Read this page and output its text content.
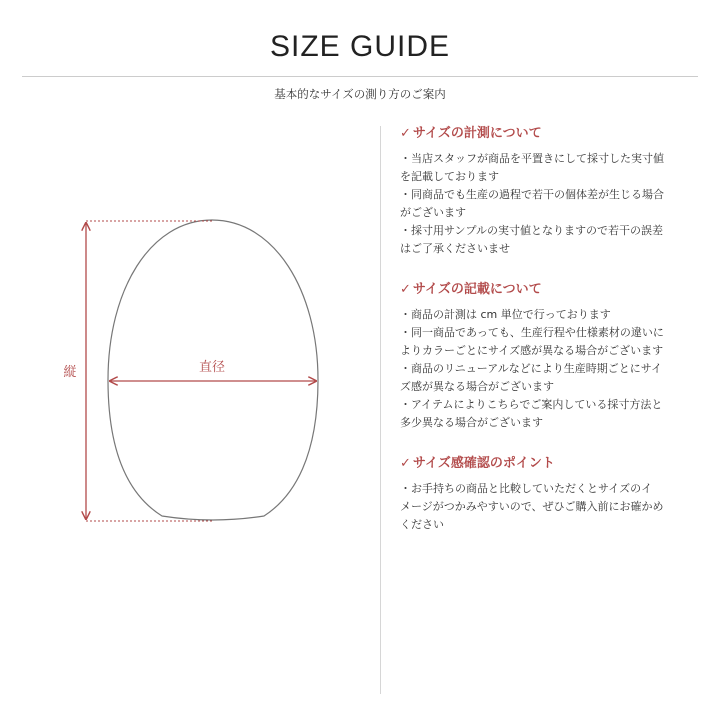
SIZE GUIDE
基本的なサイズの測り方のご案内
縦	直径
✓ サイズの計測について

・当店スタッフが商品を平置きにして採寸した実寸値

を記載しております

・同商品でも生産の過程で若干の個体差が生じる場合

がございます

・採寸用サンプルの実寸値となりますので若干の誤差

はご了承くださいませ

✓ サイズの記載について

・商品の計測は cm 単位で行っております

・同一商品であっても、生産行程や仕様素材の違いに

よりカラーごとにサイズ感が異なる場合がございます

・商品のリニューアルなどにより生産時期ごとにサイ

ズ感が異なる場合がございます

・アイテムによりこちらでご案内している採寸方法と

多少異なる場合がございます

✓ サイズ感確認のポイント

・お手持ちの商品と比較していただくとサイズのイ

メージがつかみやすいので、ぜひご購入前にお確かめ

ください
